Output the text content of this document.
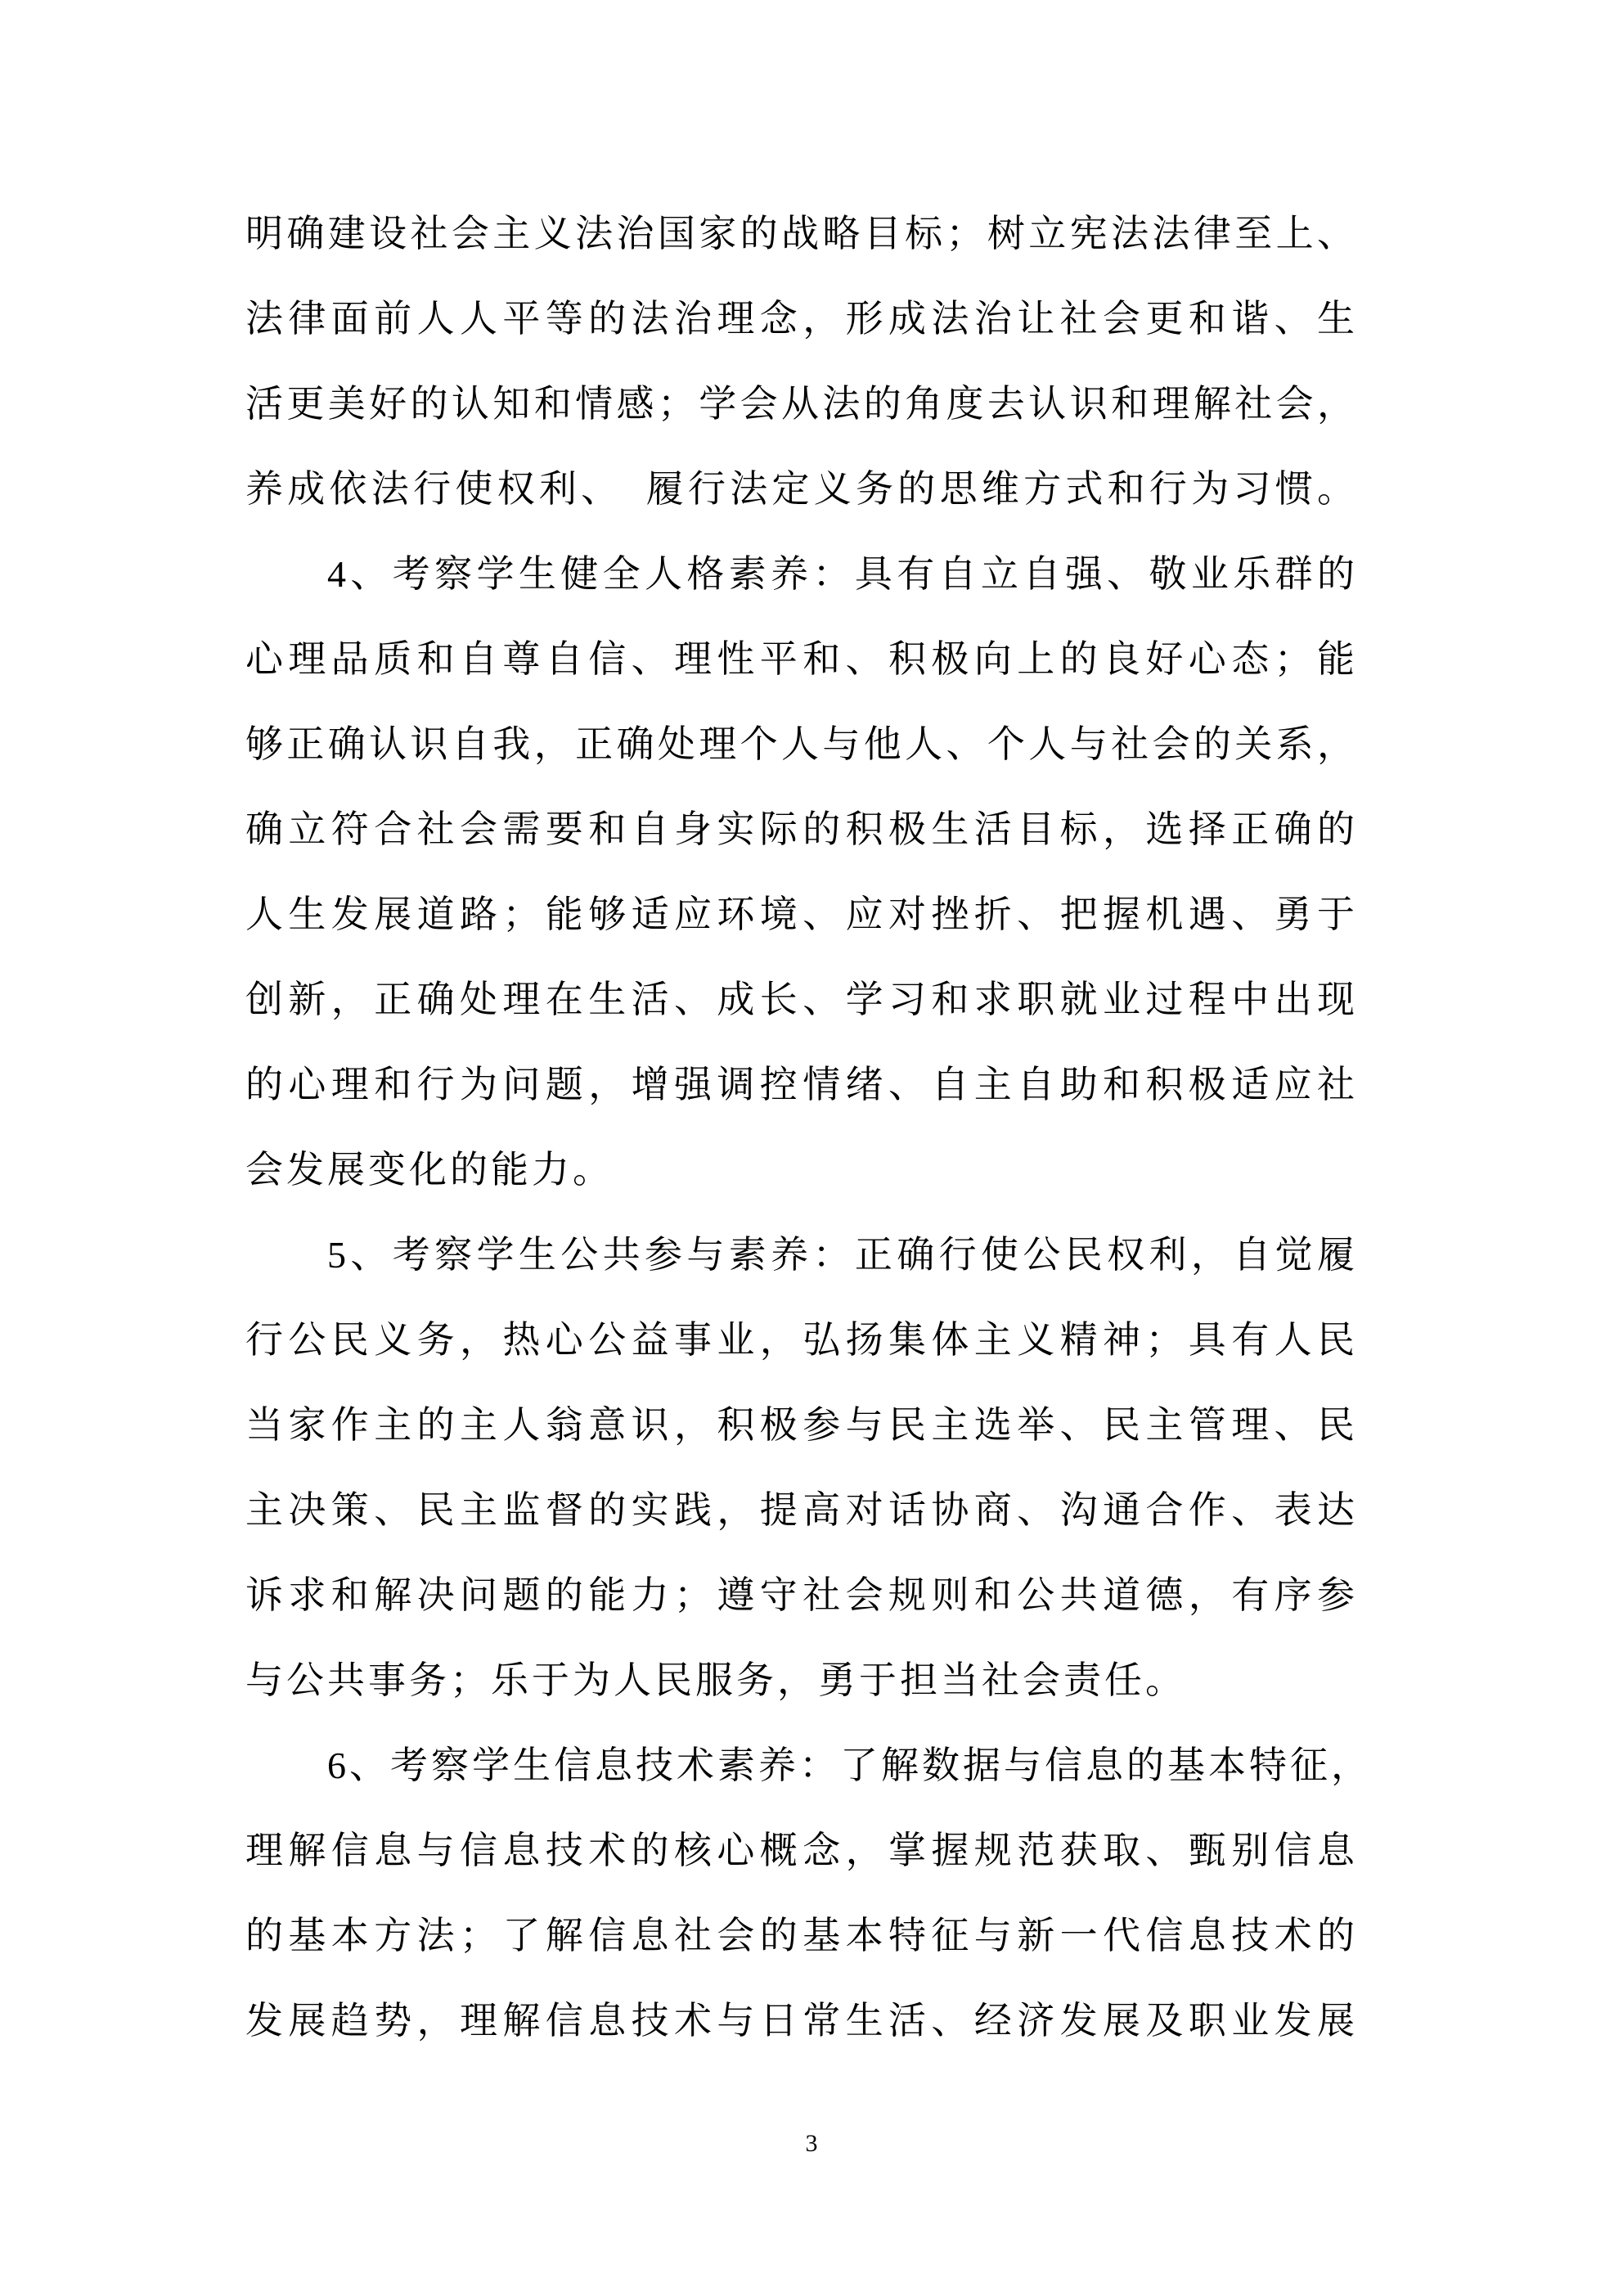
明确建设社会主义法治国家的战略目标；树立宪法法律至上、
法律面前人人平等的法治理念，形成法治让社会更和谐、生
活更美好的认知和情感；学会从法的角度去认识和理解社会，
养成依法行使权利、　履行法定义务的思维方式和行为习惯。
4、考察学生健全人格素养：具有自立自强、敬业乐群的
心理品质和自尊自信、理性平和、积极向上的良好心态；能
够正确认识自我，正确处理个人与他人、个人与社会的关系，
确立符合社会需要和自身实际的积极生活目标，选择正确的
人生发展道路；能够适应环境、应对挫折、把握机遇、勇于
创新，正确处理在生活、成长、学习和求职就业过程中出现
的心理和行为问题，增强调控情绪、自主自助和积极适应社
会发展变化的能力。
5、考察学生公共参与素养：正确行使公民权利，自觉履
行公民义务，热心公益事业，弘扬集体主义精神；具有人民
当家作主的主人翁意识，积极参与民主选举、民主管理、民
主决策、民主监督的实践，提高对话协商、沟通合作、表达
诉求和解决问题的能力；遵守社会规则和公共道德，有序参
与公共事务；乐于为人民服务，勇于担当社会责任。
6、考察学生信息技术素养：了解数据与信息的基本特征，
理解信息与信息技术的核心概念，掌握规范获取、甄别信息
的基本方法；了解信息社会的基本特征与新一代信息技术的
发展趋势，理解信息技术与日常生活、经济发展及职业发展
3
